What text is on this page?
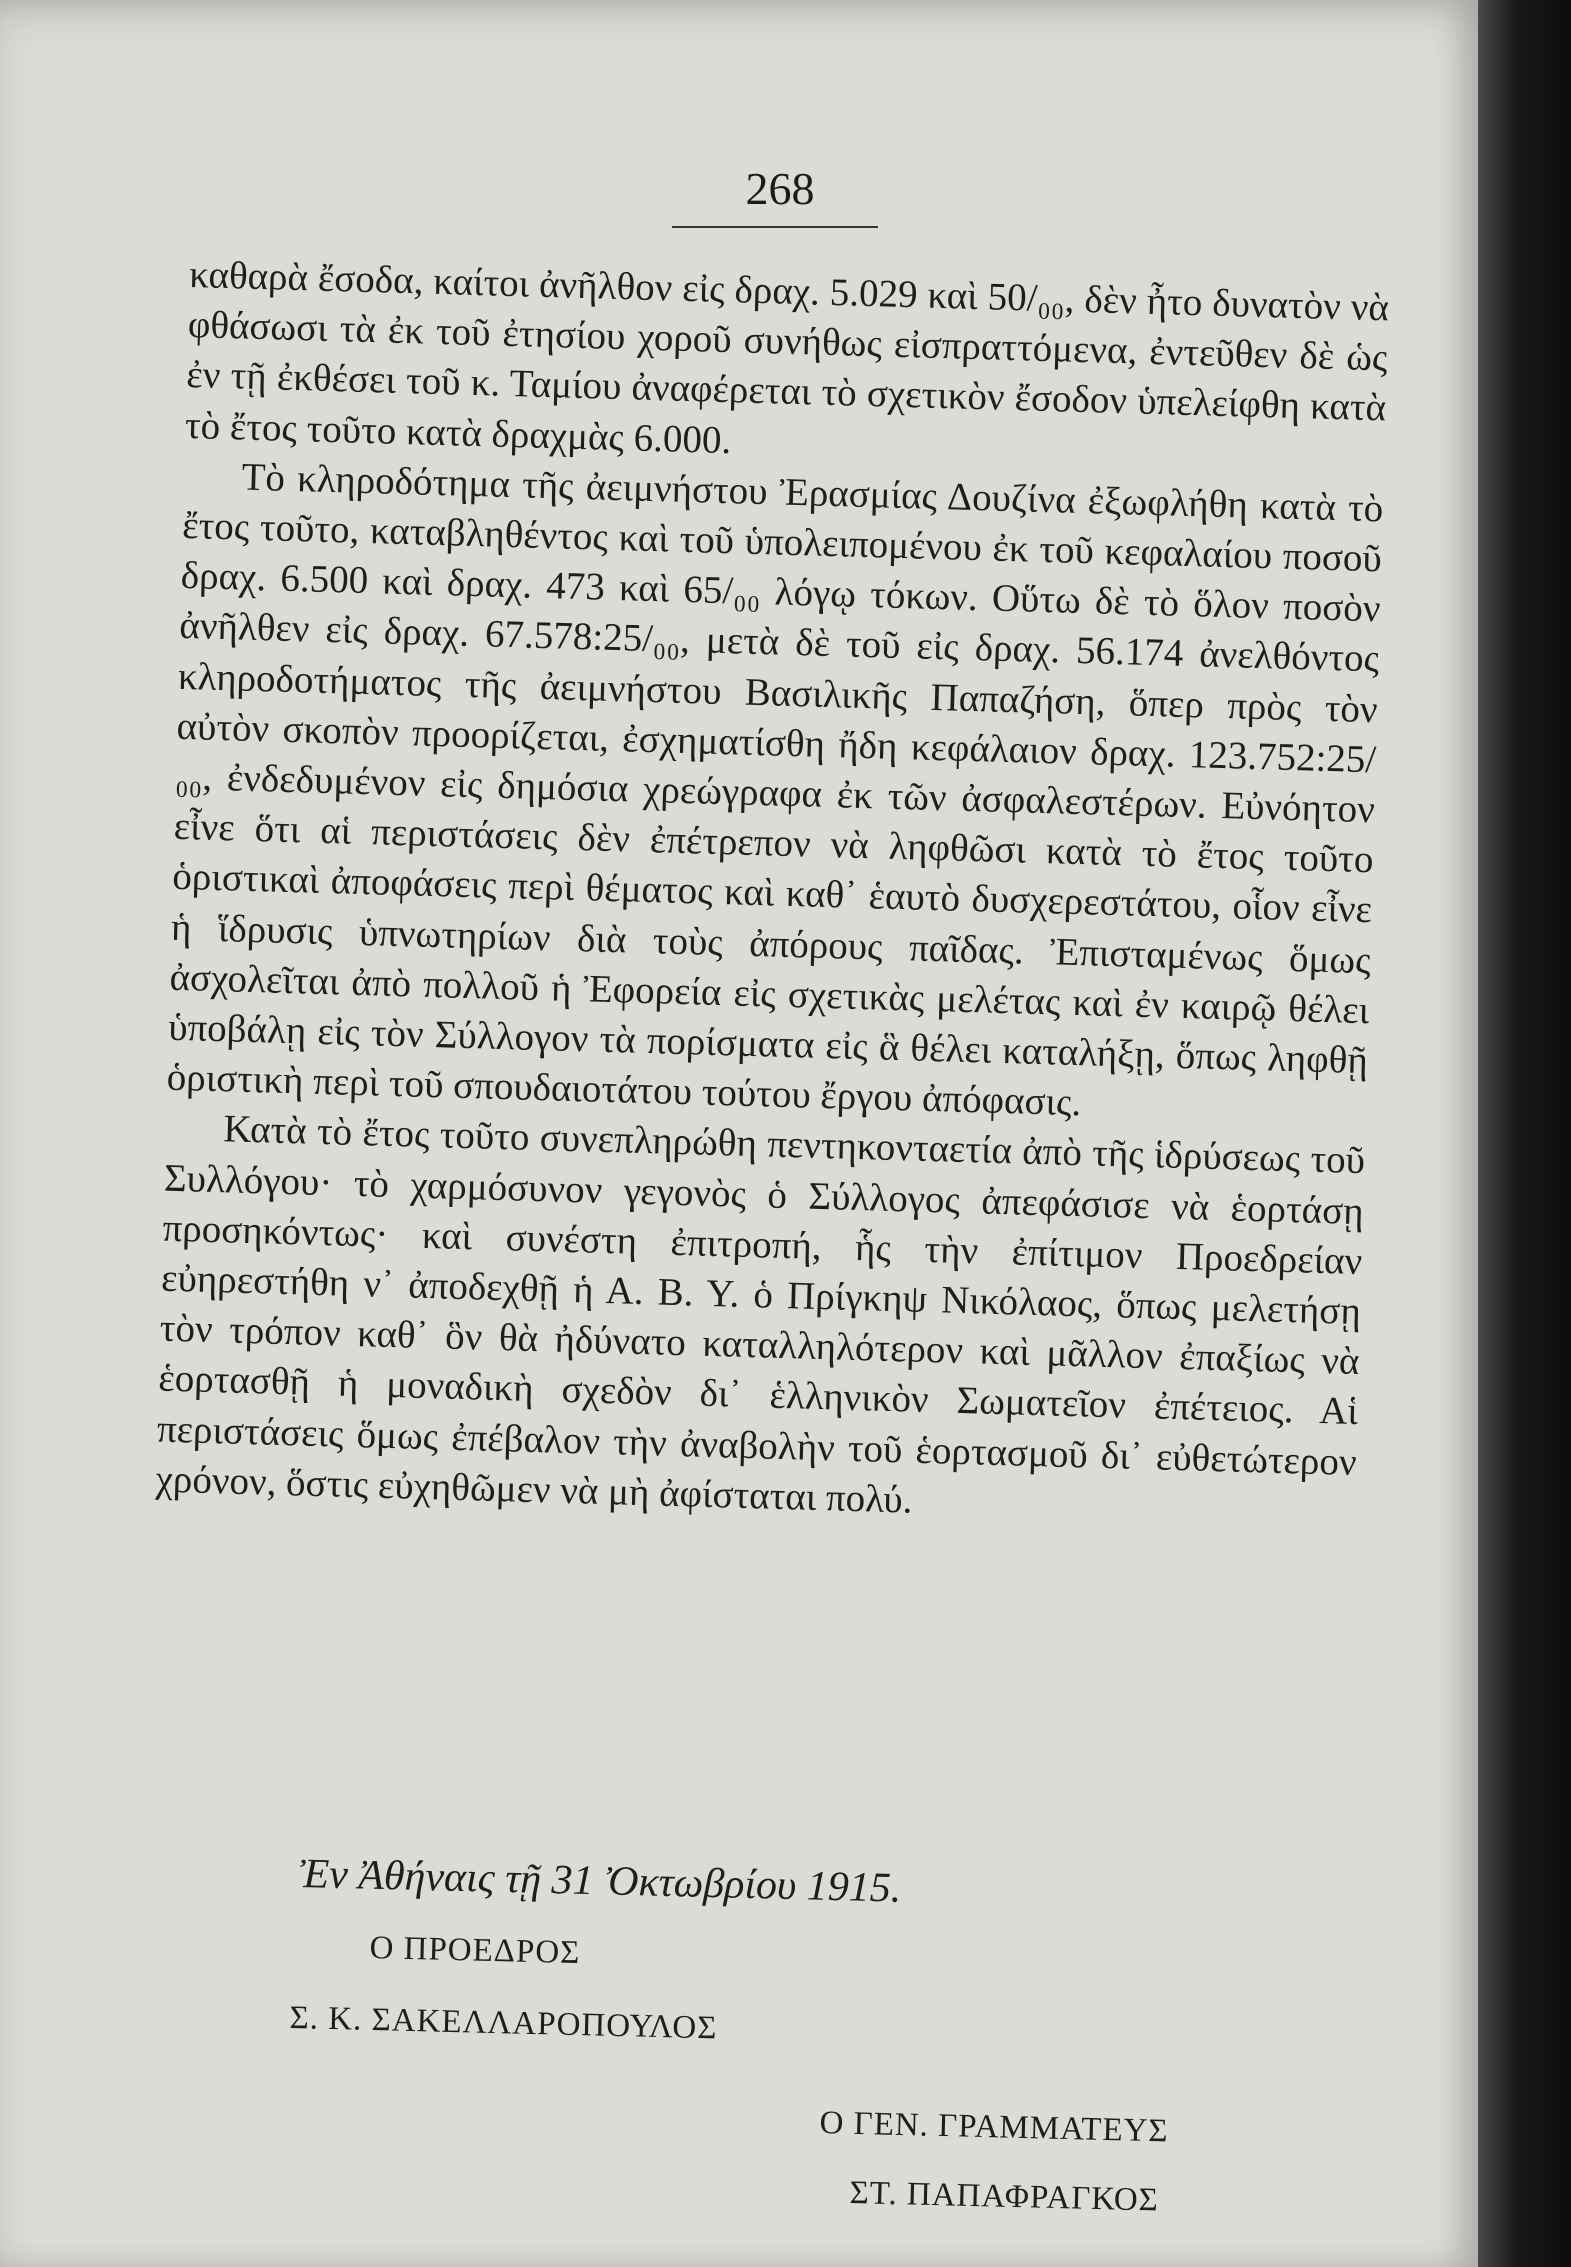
268

καθαρὰ ἔσοδα, καίτοι ἀνῆλθον εἰς δραχ. 5.029 καὶ 50/₀₀, δὲν ἦτο δυνατὸν νὰ φθάσωσι τὰ ἐκ τοῦ ἐτησίου χοροῦ συνήθως εἰσπραττόμενα, ἐντεῦθεν δὲ ὡς ἐν τῇ ἐκθέσει τοῦ κ. Ταμίου ἀναφέρεται τὸ σχετικὸν ἔσοδον ὑπελείφθη κατὰ τὸ ἔτος τοῦτο κατὰ δραχμὰς 6.000.

Τὸ κληροδότημα τῆς ἀειμνήστου Ἐρασμίας Δουζίνα ἐξωφλήθη κατὰ τὸ ἔτος τοῦτο, καταβληθέντος καὶ τοῦ ὑπολειπομένου ἐκ τοῦ κεφαλαίου ποσοῦ δραχ. 6.500 καὶ δραχ. 473 καὶ 65/₀₀ λόγῳ τόκων. Οὕτω δὲ τὸ ὅλον ποσὸν ἀνῆλθεν εἰς δραχ. 67.578:25/₀₀, μετὰ δὲ τοῦ εἰς δραχ. 56.174 ἀνελθόντος κληροδοτήματος τῆς ἀειμνήστου Βασιλικῆς Παπαζήση, ὅπερ πρὸς τὸν αὐτὸν σκοπὸν προορίζεται, ἐσχηματίσθη ἤδη κεφάλαιον δραχ. 123.752:25/₀₀, ἐνδεδυμένον εἰς δημόσια χρεώγραφα ἐκ τῶν ἀσφαλεστέρων. Εὐνόητον εἶνε ὅτι αἱ περιστάσεις δὲν ἐπέτρεπον νὰ ληφθῶσι κατὰ τὸ ἔτος τοῦτο ὁριστικαὶ ἀποφάσεις περὶ θέματος καὶ καθ᾽ ἑαυτὸ δυσχερεστάτου, οἷον εἶνε ἡ ἵδρυσις ὑπνωτηρίων διὰ τοὺς ἀπόρους παῖδας. Ἐπισταμένως ὅμως ἀσχολεῖται ἀπὸ πολλοῦ ἡ Ἐφορεία εἰς σχετικὰς μελέτας καὶ ἐν καιρῷ θέλει ὑποβάλῃ εἰς τὸν Σύλλογον τὰ πορίσματα εἰς ἃ θέλει καταλήξῃ, ὅπως ληφθῇ ὁριστικὴ περὶ τοῦ σπουδαιοτάτου τούτου ἔργου ἀπόφασις.

Κατὰ τὸ ἔτος τοῦτο συνεπληρώθη πεντηκονταετία ἀπὸ τῆς ἱδρύσεως τοῦ Συλλόγου· τὸ χαρμόσυνον γεγονὸς ὁ Σύλλογος ἀπεφάσισε νὰ ἑορτάσῃ προσηκόντως· καὶ συνέστη ἐπιτροπή, ἧς τὴν ἐπίτιμον Προεδρείαν εὐηρεστήθη ν᾽ ἀποδεχθῇ ἡ Α. Β. Υ. ὁ Πρίγκηψ Νικόλαος, ὅπως μελετήσῃ τὸν τρόπον καθ᾽ ὃν θὰ ἠδύνατο καταλληλότερον καὶ μᾶλλον ἐπαξίως νὰ ἑορτασθῇ ἡ μοναδικὴ σχεδὸν δι᾽ ἑλληνικὸν Σωματεῖον ἐπέτειος. Αἱ περιστάσεις ὅμως ἐπέβαλον τὴν ἀναβολὴν τοῦ ἑορτασμοῦ δι᾽ εὐθετώτερον χρόνον, ὅστις εὐχηθῶμεν νὰ μὴ ἀφίσταται πολύ.

Ἐν Ἀθήναις τῇ 31 Ὀκτωβρίου 1915.
Ο ΠΡΟΕΔΡΟΣ
Σ. Κ. ΣΑΚΕΛΛΑΡΟΠΟΥΛΟΣ
Ο ΓΕΝ. ΓΡΑΜΜΑΤΕΥΣ
ΣΤ. ΠΑΠΑΦΡΑΓΚΟΣ
